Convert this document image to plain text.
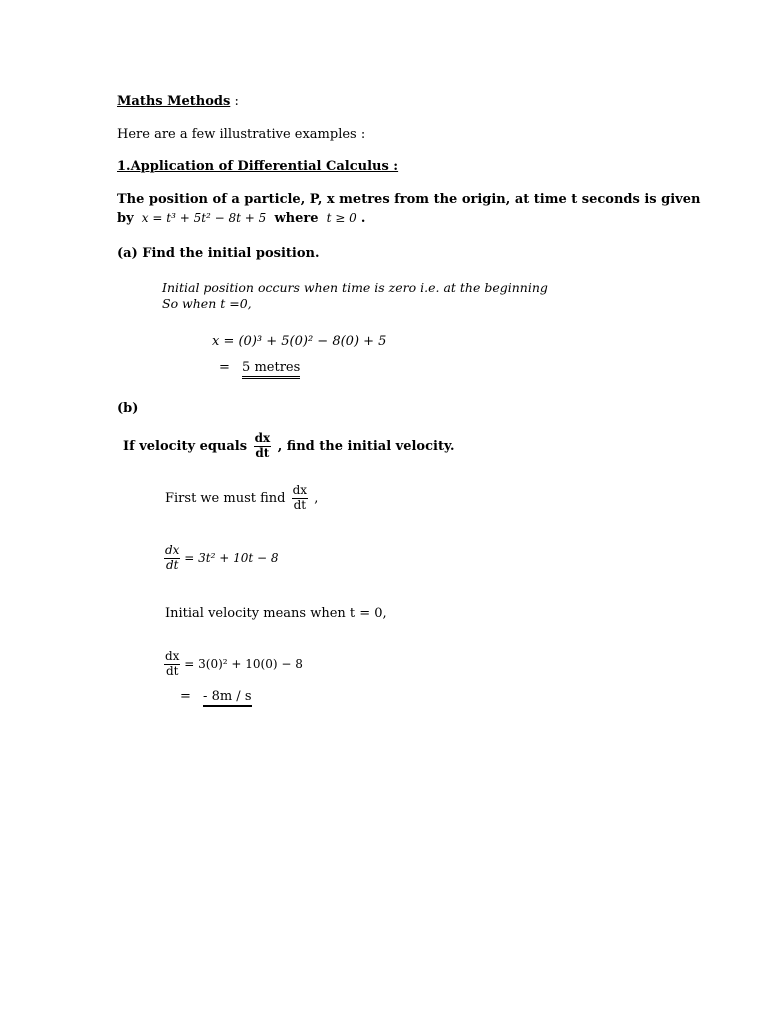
Maths Methods :
Here are a few illustrative examples :
1.Application of Differential Calculus :
The position of a particle, P, x metres from the origin, at time t seconds is given
by x = t³ + 5t² − 8t + 5 where t ≥ 0 .
(a) Find the initial position.
Initial position occurs when time is zero i.e. at the beginning
So when t =0,
x = (0)³ + 5(0)² − 8(0) + 5
= 5 metres
(b)
If velocity equals $\frac{dx}{dt}$ , find the initial velocity.
First we must find $\frac{dx}{dt}$ ,
$\frac{dx}{dt} = 3t^2 + 10t - 8$
Initial velocity means when t = 0,
$\frac{dx}{dt} = 3(0)^2 + 10(0) - 8$
= - 8m / s
